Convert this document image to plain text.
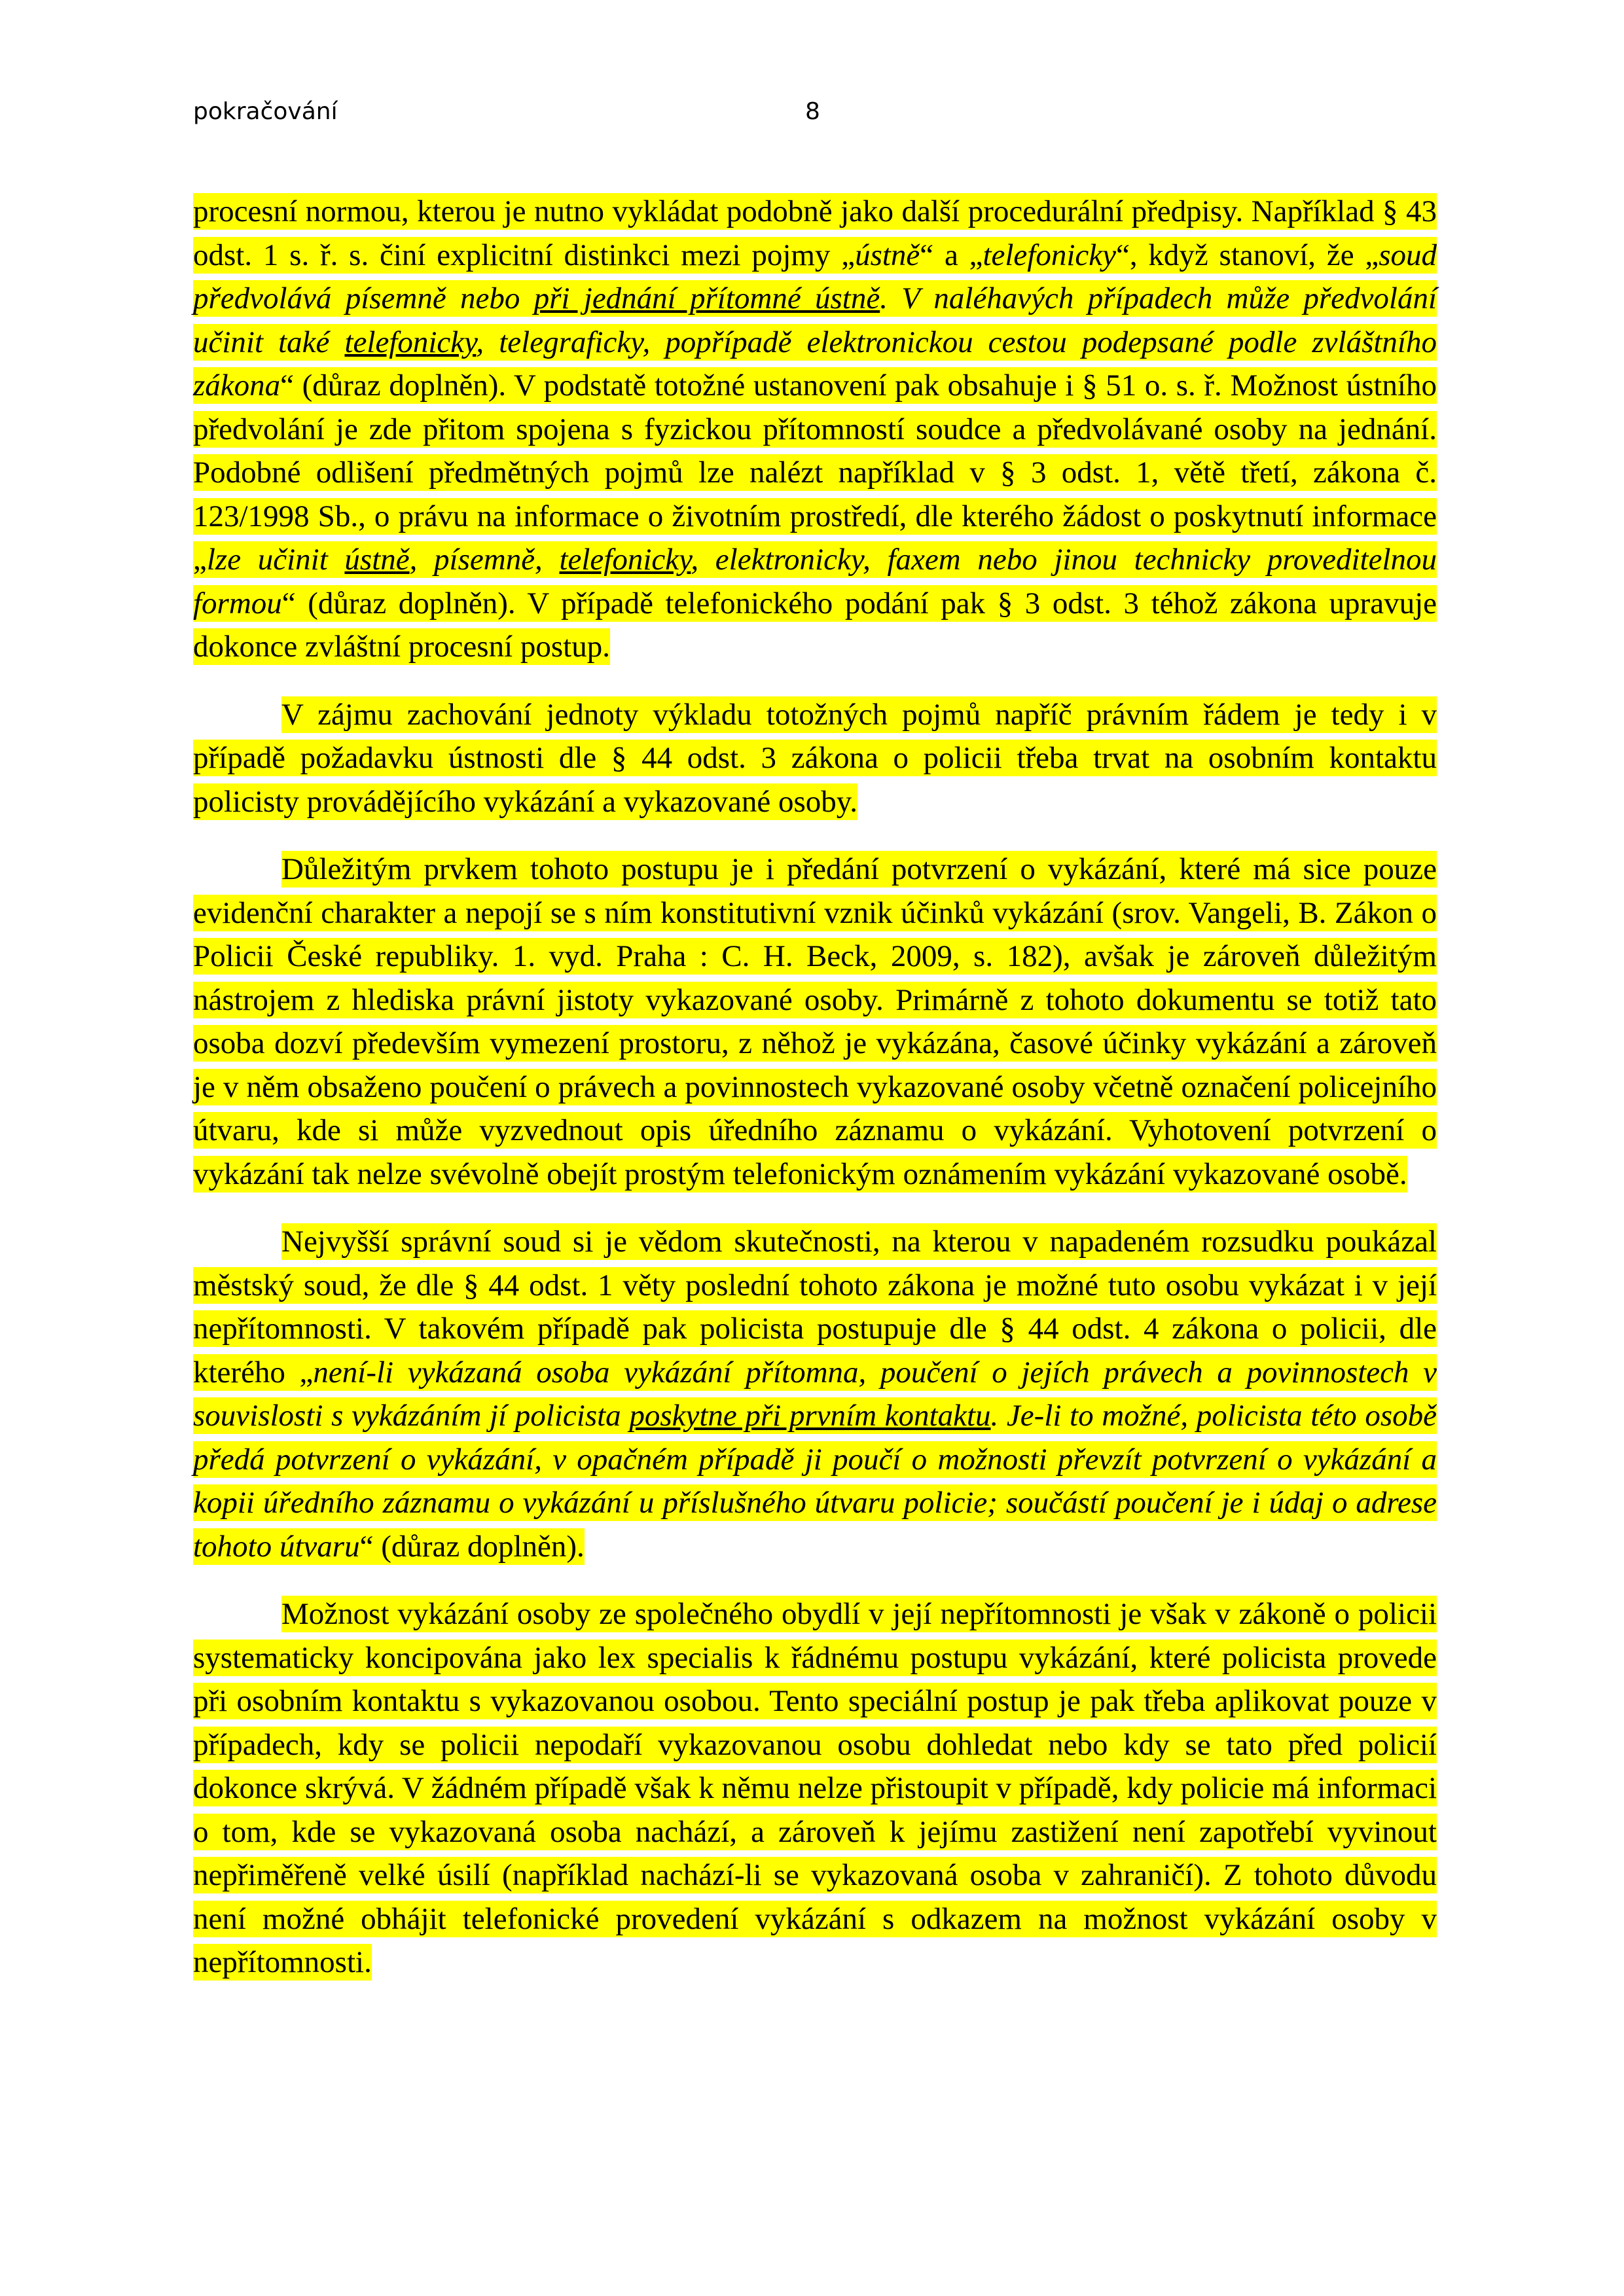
pokračování	8

procesní normou, kterou je nutno vykládat podobně jako další procedurální předpisy. Například § 43 odst. 1 s. ř. s. činí explicitní distinkci mezi pojmy „ústně“ a „telefonicky“, když stanoví, že „soud předvolává písemně nebo při jednání přítomné ústně. V naléhavých případech může předvolání učinit také telefonicky, telegraficky, popřípadě elektronickou cestou podepsané podle zvláštního zákona“ (důraz doplněn). V podstatě totožné ustanovení pak obsahuje i § 51 o. s. ř. Možnost ústního předvolání je zde přitom spojena s fyzickou přítomností soudce a předvolávané osoby na jednání. Podobné odlišení předmětných pojmů lze nalézt například v § 3 odst. 1, větě třetí, zákona č. 123/1998 Sb., o právu na informace o životním prostředí, dle kterého žádost o poskytnutí informace „lze učinit ústně, písemně, telefonicky, elektronicky, faxem nebo jinou technicky proveditelnou formou“ (důraz doplněn). V případě telefonického podání pak § 3 odst. 3 téhož zákona upravuje dokonce zvláštní procesní postup.

V zájmu zachování jednoty výkladu totožných pojmů napříč právním řádem je tedy i v případě požadavku ústnosti dle § 44 odst. 3 zákona o policii třeba trvat na osobním kontaktu policisty provádějícího vykázání a vykazované osoby.

Důležitým prvkem tohoto postupu je i předání potvrzení o vykázání, které má sice pouze evidenční charakter a nepojí se s ním konstitutivní vznik účinků vykázání (srov. Vangeli, B. Zákon o Policii České republiky. 1. vyd. Praha : C. H. Beck, 2009, s. 182), avšak je zároveň důležitým nástrojem z hlediska právní jistoty vykazované osoby. Primárně z tohoto dokumentu se totiž tato osoba dozví především vymezení prostoru, z něhož je vykázána, časové účinky vykázání a zároveň je v něm obsaženo poučení o právech a povinnostech vykazované osoby včetně označení policejního útvaru, kde si může vyzvednout opis úředního záznamu o vykázání. Vyhotovení potvrzení o vykázání tak nelze svévolně obejít prostým telefonickým oznámením vykázání vykazované osobě.

Nejvyšší správní soud si je vědom skutečnosti, na kterou v napadeném rozsudku poukázal městský soud, že dle § 44 odst. 1 věty poslední tohoto zákona je možné tuto osobu vykázat i v její nepřítomnosti. V takovém případě pak policista postupuje dle § 44 odst. 4 zákona o policii, dle kterého „není-li vykázaná osoba vykázání přítomna, poučení o jejích právech a povinnostech v souvislosti s vykázáním jí policista poskytne při prvním kontaktu. Je-li to možné, policista této osobě předá potvrzení o vykázání, v opačném případě ji poučí o možnosti převzít potvrzení o vykázání a kopii úředního záznamu o vykázání u příslušného útvaru policie; součástí poučení je i údaj o adrese tohoto útvaru“ (důraz doplněn).

Možnost vykázání osoby ze společného obydlí v její nepřítomnosti je však v zákoně o policii systematicky koncipována jako lex specialis k řádnému postupu vykázání, které policista provede při osobním kontaktu s vykazovanou osobou. Tento speciální postup je pak třeba aplikovat pouze v případech, kdy se policii nepodaří vykazovanou osobu dohledat nebo kdy se tato před policií dokonce skrývá. V žádném případě však k němu nelze přistoupit v případě, kdy policie má informaci o tom, kde se vykazovaná osoba nachází, a zároveň k jejímu zastižení není zapotřebí vyvinout nepřiměřeně velké úsilí (například nachází-li se vykazovaná osoba v zahraničí). Z tohoto důvodu není možné obhájit telefonické provedení vykázání s odkazem na možnost vykázání osoby v nepřítomnosti.
